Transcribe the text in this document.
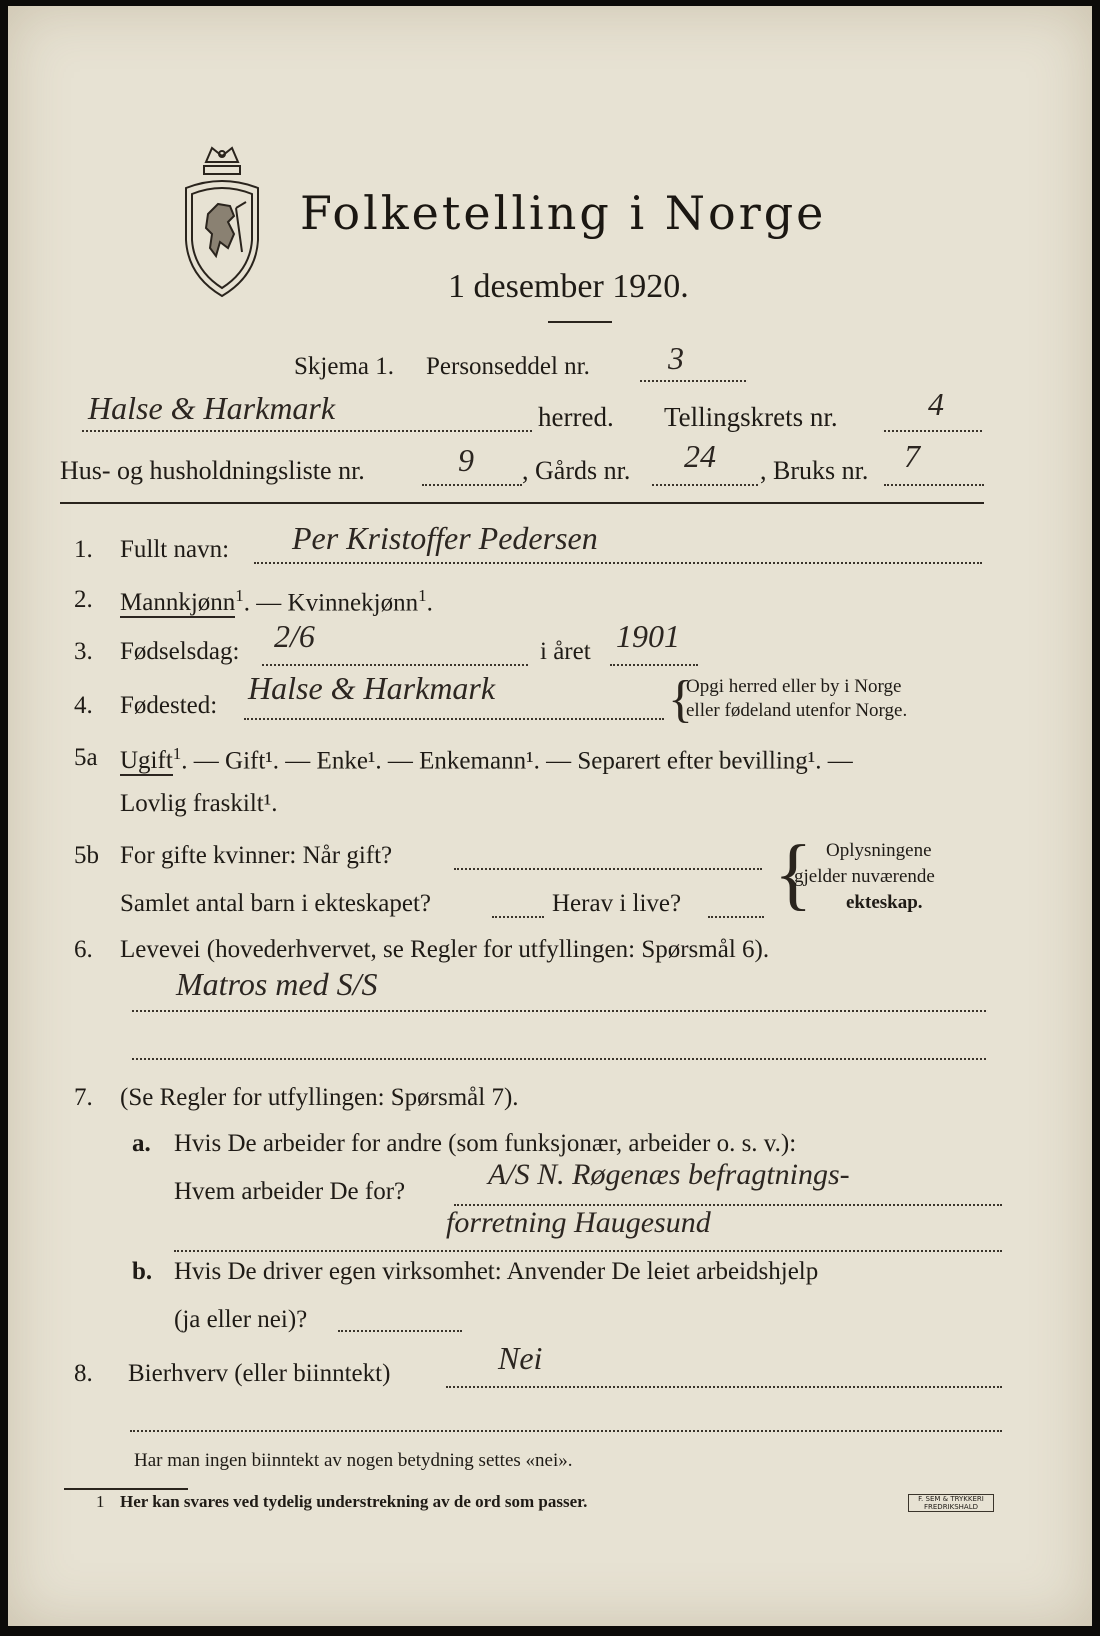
Folketelling i Norge
1 desember 1920.
Skjema 1. Personseddel nr. 3
Halse & Harkmark	herred. Tellingskrets nr.	4
Hus- og husholdningsliste nr.	9 , Gårds nr. 24 , Bruks nr. 7
1. Fullt navn: Per Kristoffer Pedersen
2. Mannkjønn$^1$. — Kvinnekjønn$^1$.
3. Fødselsdag: 2/6	i året 1901
4. Fødested: Halse & Harkmark	{
Opgi herred eller by i Norge
eller fødeland utenfor Norge.
5a Ugift$^1$. — Gift¹. — Enke¹. — Enkemann¹. — Separert efter bevilling¹. —
Lovlig fraskilt¹.
5b For gifte kvinner: Når gift?
Samlet antal barn i ekteskapet?	Herav i live? { Oplysningene
gjelder nuværende
ekteskap.
6. Levevei (hovederhvervet, se Regler for utfyllingen: Spørsmål 6).
Matros med S/S
7. (Se Regler for utfyllingen: Spørsmål 7).
a. Hvis De arbeider for andre (som funksjonær, arbeider o. s. v.):
Hvem arbeider De for?
A/S N. Røgenæs befragtnings-
forretning Haugesund
b. Hvis De driver egen virksomhet: Anvender De leiet arbeidshjelp
(ja eller nei)?
8. Bierhverv (eller biinntekt)	Nei
Har man ingen biinntekt av nogen betydning settes «nei».
1 Her kan svares ved tydelig understrekning av de ord som passer.	F. SEM & TRYKKERI FREDRIKSHALD
